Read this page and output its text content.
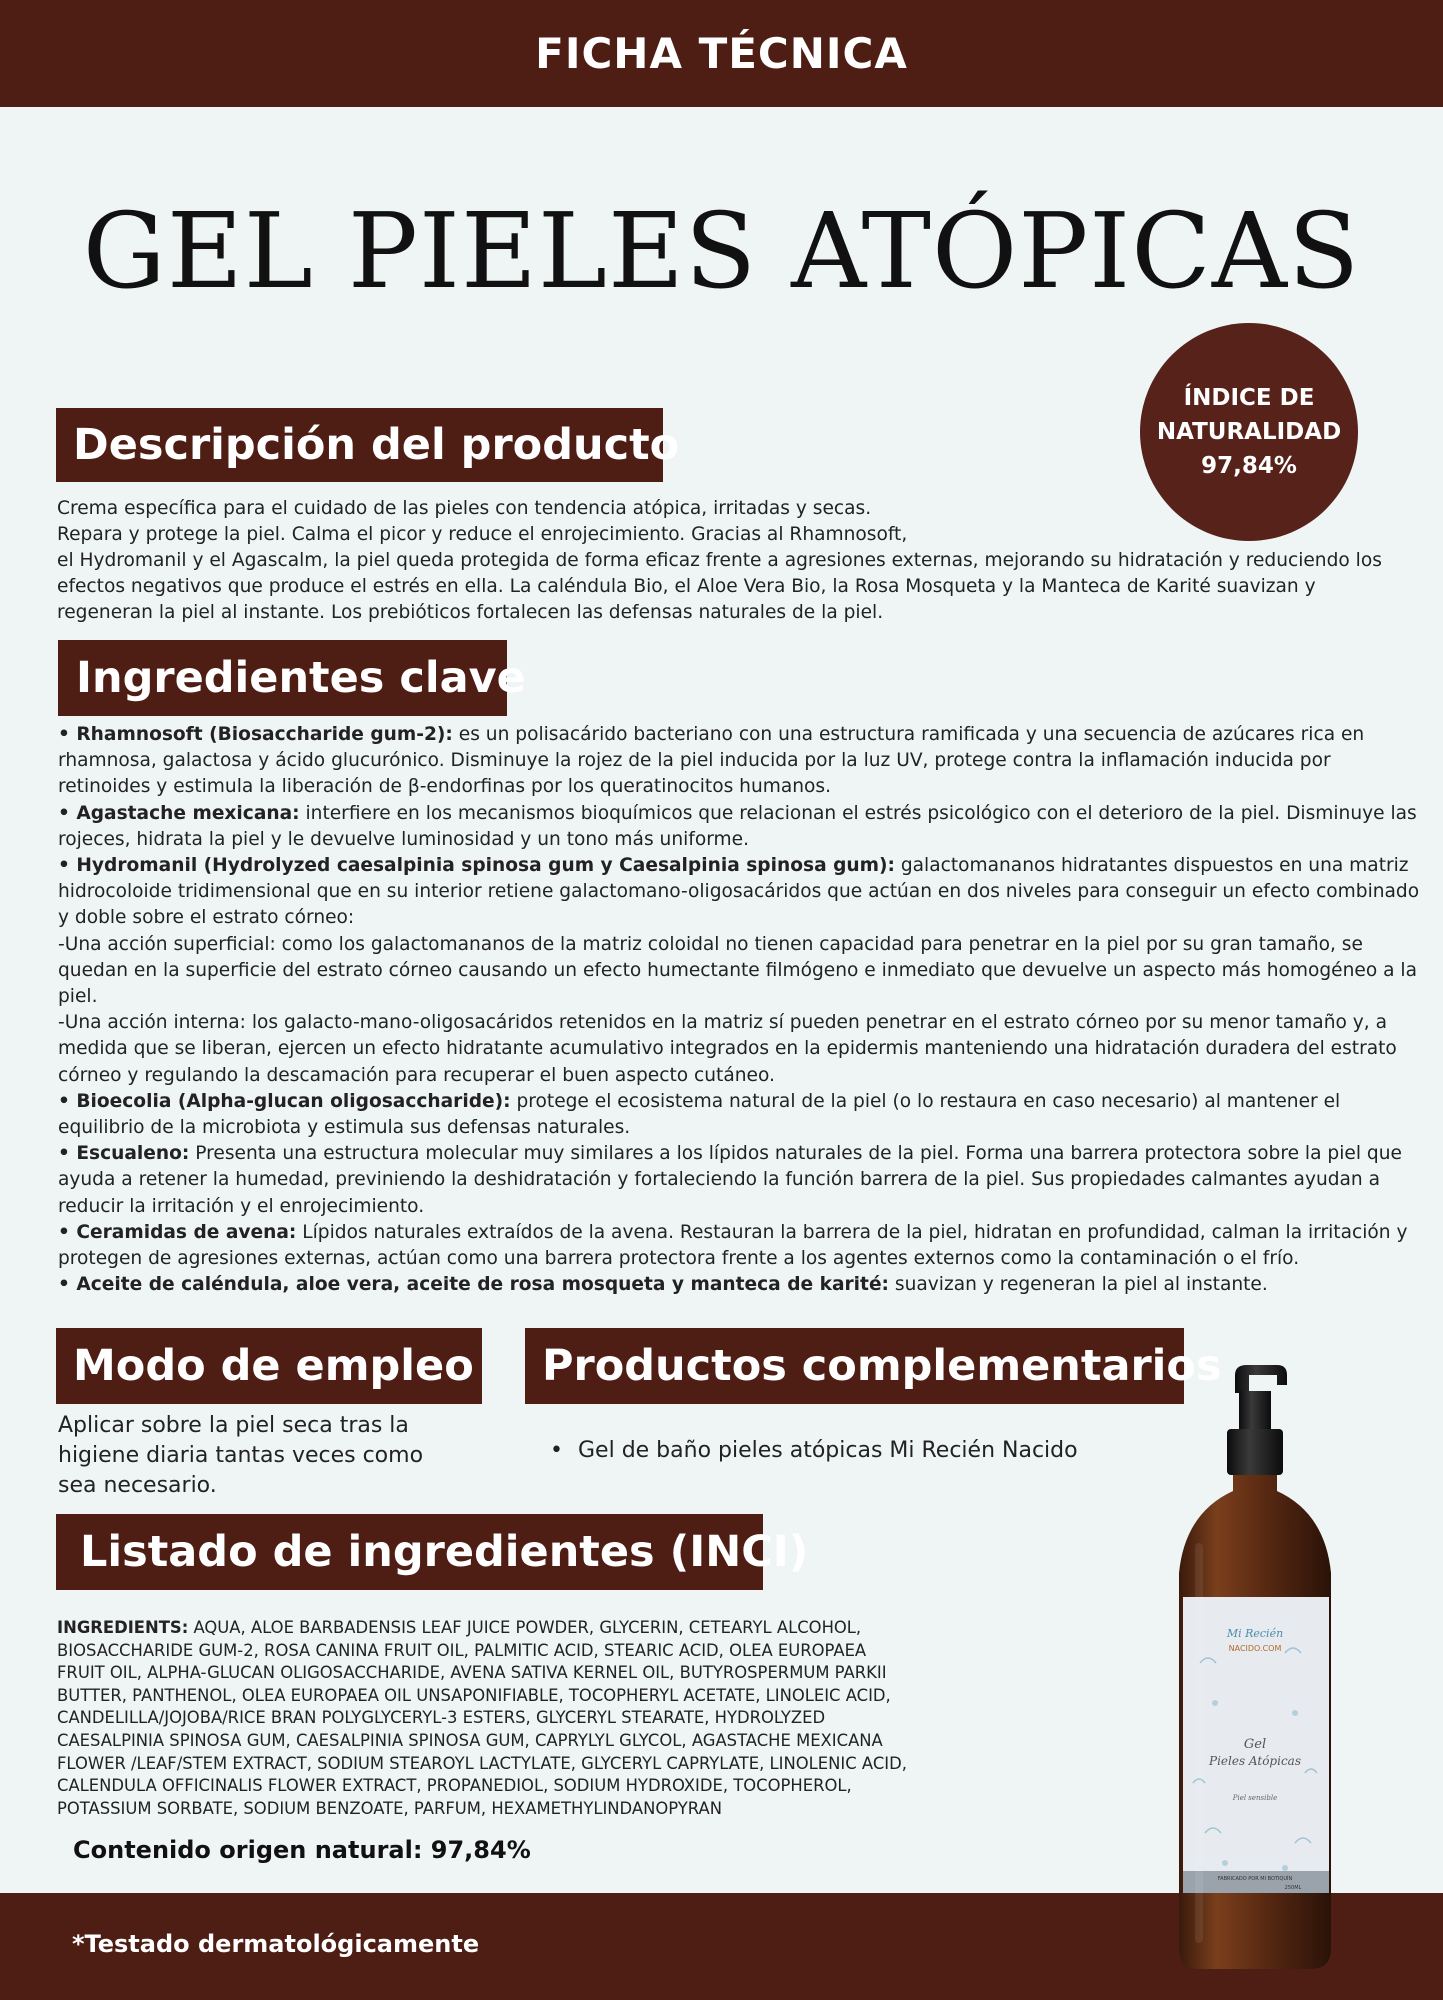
FICHA TÉCNICA
GEL PIELES ATÓPICAS
ÍNDICE DE
NATURALIDAD
97,84%
Descripción del producto
Crema específica para el cuidado de las pieles con tendencia atópica, irritadas y secas.
Repara y protege la piel. Calma el picor y reduce el enrojecimiento. Gracias al Rhamnosoft,
el Hydromanil y el Agascalm, la piel queda protegida de forma eficaz frente a agresiones externas, mejorando su hidratación y reduciendo los efectos negativos que produce el estrés en ella. La caléndula Bio, el Aloe Vera Bio, la Rosa Mosqueta y la Manteca de Karité suavizan y regeneran la piel al instante. Los prebióticos fortalecen las defensas naturales de la piel.
Ingredientes clave

• Rhamnosoft (Biosaccharide gum-2): es un polisacárido bacteriano con una estructura ramificada y una secuencia de azúcares rica en rhamnosa, galactosa y ácido glucurónico. Disminuye la rojez de la piel inducida por la luz UV, protege contra la inflamación inducida por retinoides y estimula la liberación de β-endorfinas por los queratinocitos humanos.

• Agastache mexicana: interfiere en los mecanismos bioquímicos que relacionan el estrés psicológico con el deterioro de la piel. Disminuye las rojeces, hidrata la piel y le devuelve luminosidad y un tono más uniforme.

• Hydromanil (Hydrolyzed caesalpinia spinosa gum y Caesalpinia spinosa gum): galactomananos hidratantes dispuestos en una matriz hidrocoloide tridimensional que en su interior retiene galactomano-oligosacáridos que actúan en dos niveles para conseguir un efecto combinado y doble sobre el estrato córneo:

-Una acción superficial: como los galactomananos de la matriz coloidal no tienen capacidad para penetrar en la piel por su gran tamaño, se quedan en la superficie del estrato córneo causando un efecto humectante filmógeno e inmediato que devuelve un aspecto más homogéneo a la piel.

-Una acción interna: los galacto-mano-oligosacáridos retenidos en la matriz sí pueden penetrar en el estrato córneo por su menor tamaño y, a medida que se liberan, ejercen un efecto hidratante acumulativo integrados en la epidermis manteniendo una hidratación duradera del estrato córneo y regulando la descamación para recuperar el buen aspecto cutáneo.

• Bioecolia (Alpha-glucan oligosaccharide): protege el ecosistema natural de la piel (o lo restaura en caso necesario) al mantener el equilibrio de la microbiota y estimula sus defensas naturales.

• Escualeno: Presenta una estructura molecular muy similares a los lípidos naturales de la piel. Forma una barrera protectora sobre la piel que ayuda a retener la humedad, previniendo la deshidratación y fortaleciendo la función barrera de la piel. Sus propiedades calmantes ayudan a reducir la irritación y el enrojecimiento.

• Ceramidas de avena: Lípidos naturales extraídos de la avena. Restauran la barrera de la piel, hidratan en profundidad, calman la irritación y protegen de agresiones externas, actúan como una barrera protectora frente a los agentes externos como la contaminación o el frío.

• Aceite de caléndula, aloe vera, aceite de rosa mosqueta y manteca de karité: suavizan y regeneran la piel al instante.

Modo de empleo
Aplicar sobre la piel seca tras la higiene diaria tantas veces como sea necesario.
Productos complementarios
• Gel de baño pieles atópicas Mi Recién Nacido
Listado de ingredientes (INCI)
INGREDIENTS: AQUA, ALOE BARBADENSIS LEAF JUICE POWDER, GLYCERIN, CETEARYL ALCOHOL, BIOSACCHARIDE GUM-2, ROSA CANINA FRUIT OIL, PALMITIC ACID, STEARIC ACID, OLEA EUROPAEA FRUIT OIL, ALPHA-GLUCAN OLIGOSACCHARIDE, AVENA SATIVA KERNEL OIL, BUTYROSPERMUM PARKII BUTTER, PANTHENOL, OLEA EUROPAEA OIL UNSAPONIFIABLE, TOCOPHERYL ACETATE, LINOLEIC ACID, CANDELILLA/JOJOBA/RICE BRAN POLYGLYCERYL-3 ESTERS, GLYCERYL STEARATE, HYDROLYZED CAESALPINIA SPINOSA GUM, CAESALPINIA SPINOSA GUM, CAPRYLYL GLYCOL, AGASTACHE MEXICANA FLOWER /LEAF/STEM EXTRACT, SODIUM STEAROYL LACTYLATE, GLYCERYL CAPRYLATE, LINOLENIC ACID, CALENDULA OFFICINALIS FLOWER EXTRACT, PROPANEDIOL, SODIUM HYDROXIDE, TOCOPHEROL, POTASSIUM SORBATE, SODIUM BENZOATE, PARFUM, HEXAMETHYLINDANOPYRAN
Contenido origen natural: 97,84%
*Testado dermatológicamente
Mi Recién
NACIDO.COM
Gel
Pieles Atópicas
Piel sensible
FABRICADO POR MI BOTIQUÍN
250ML
